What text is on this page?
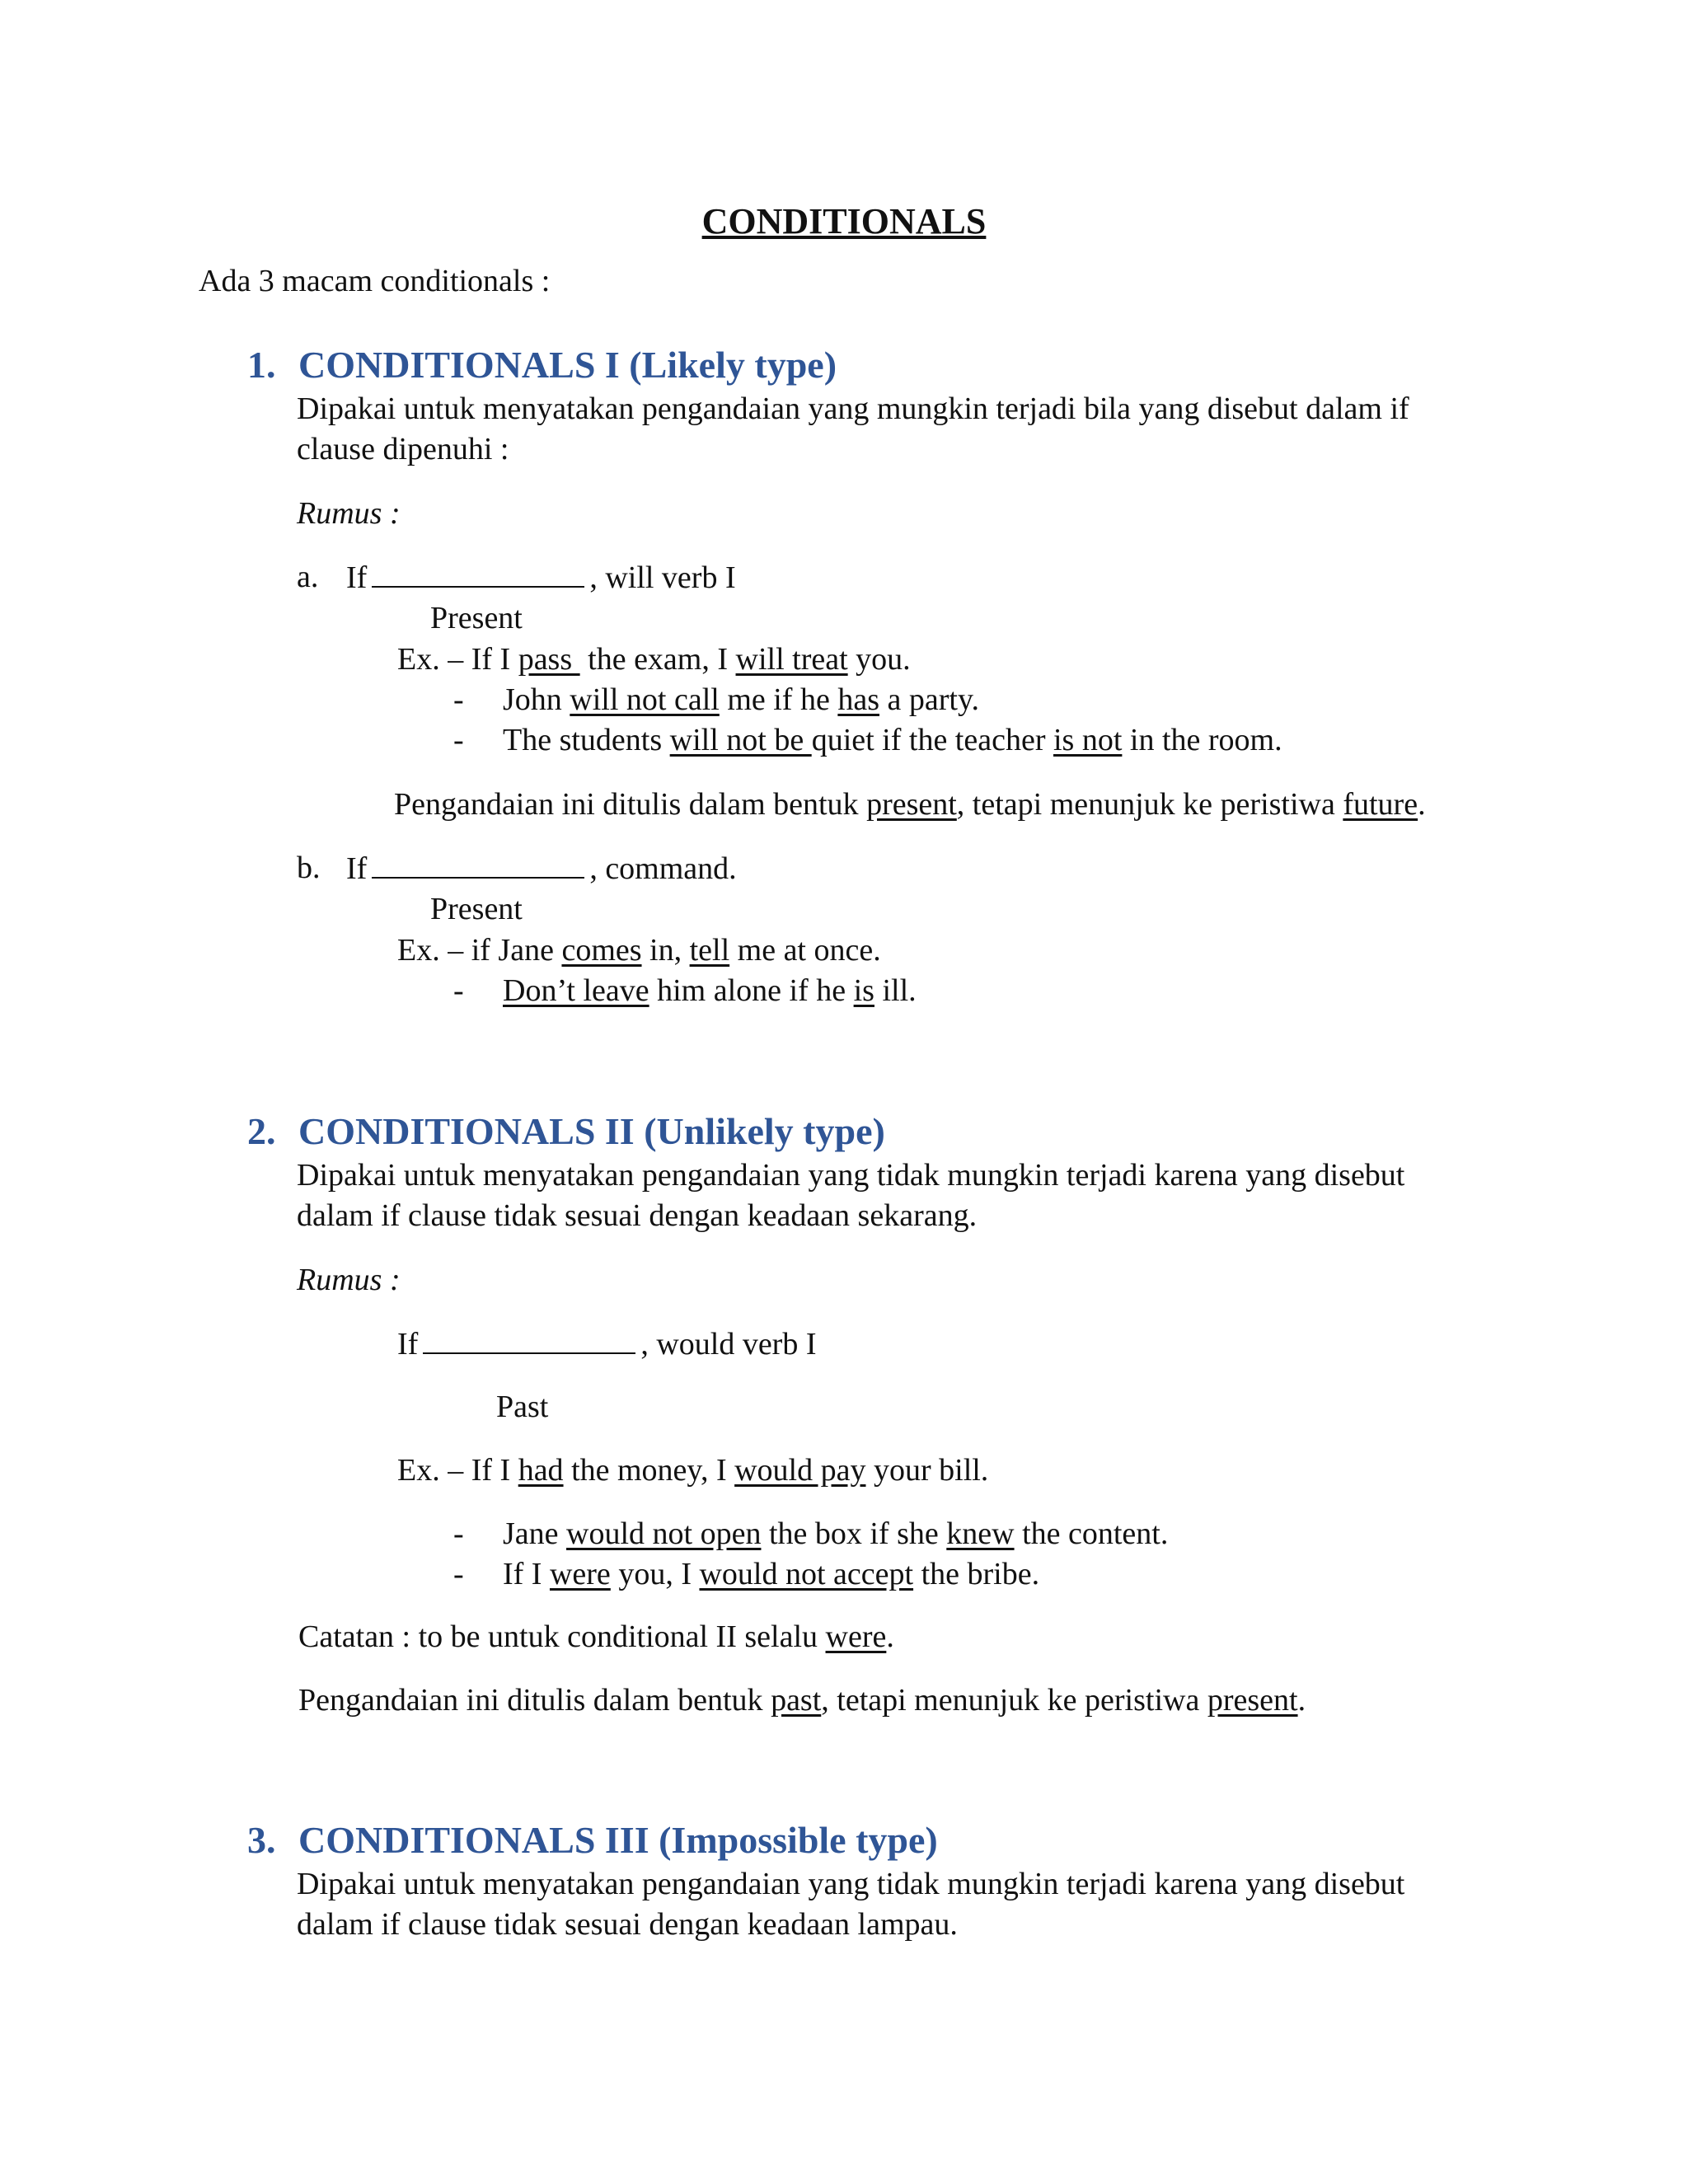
CONDITIONALS
Ada 3 macam conditionals :
1. CONDITIONALS I (Likely type)
Dipakai untuk menyatakan pengandaian yang mungkin terjadi bila yang disebut dalam if
clause dipenuhi :
Rumus :
a. If	, will verb I
Present
Ex. – If I pass  the exam, I will treat you.
- John will not call me if he has a party.
- The students will not be quiet if the teacher is not in the room.
Pengandaian ini ditulis dalam bentuk present, tetapi menunjuk ke peristiwa future.
b. If	, command.
Present
Ex. – if Jane comes in, tell me at once.
- Don’t leave him alone if he is ill.
2. CONDITIONALS II (Unlikely type)
Dipakai untuk menyatakan pengandaian yang tidak mungkin terjadi karena yang disebut
dalam if clause tidak sesuai dengan keadaan sekarang.
Rumus :
If	, would verb I
Past
Ex. – If I had the money, I would pay your bill.
- Jane would not open the box if she knew the content.
- If I were you, I would not accept the bribe.
Catatan : to be untuk conditional II selalu were.
Pengandaian ini ditulis dalam bentuk past, tetapi menunjuk ke peristiwa present.
3. CONDITIONALS III (Impossible type)
Dipakai untuk menyatakan pengandaian yang tidak mungkin terjadi karena yang disebut
dalam if clause tidak sesuai dengan keadaan lampau.
